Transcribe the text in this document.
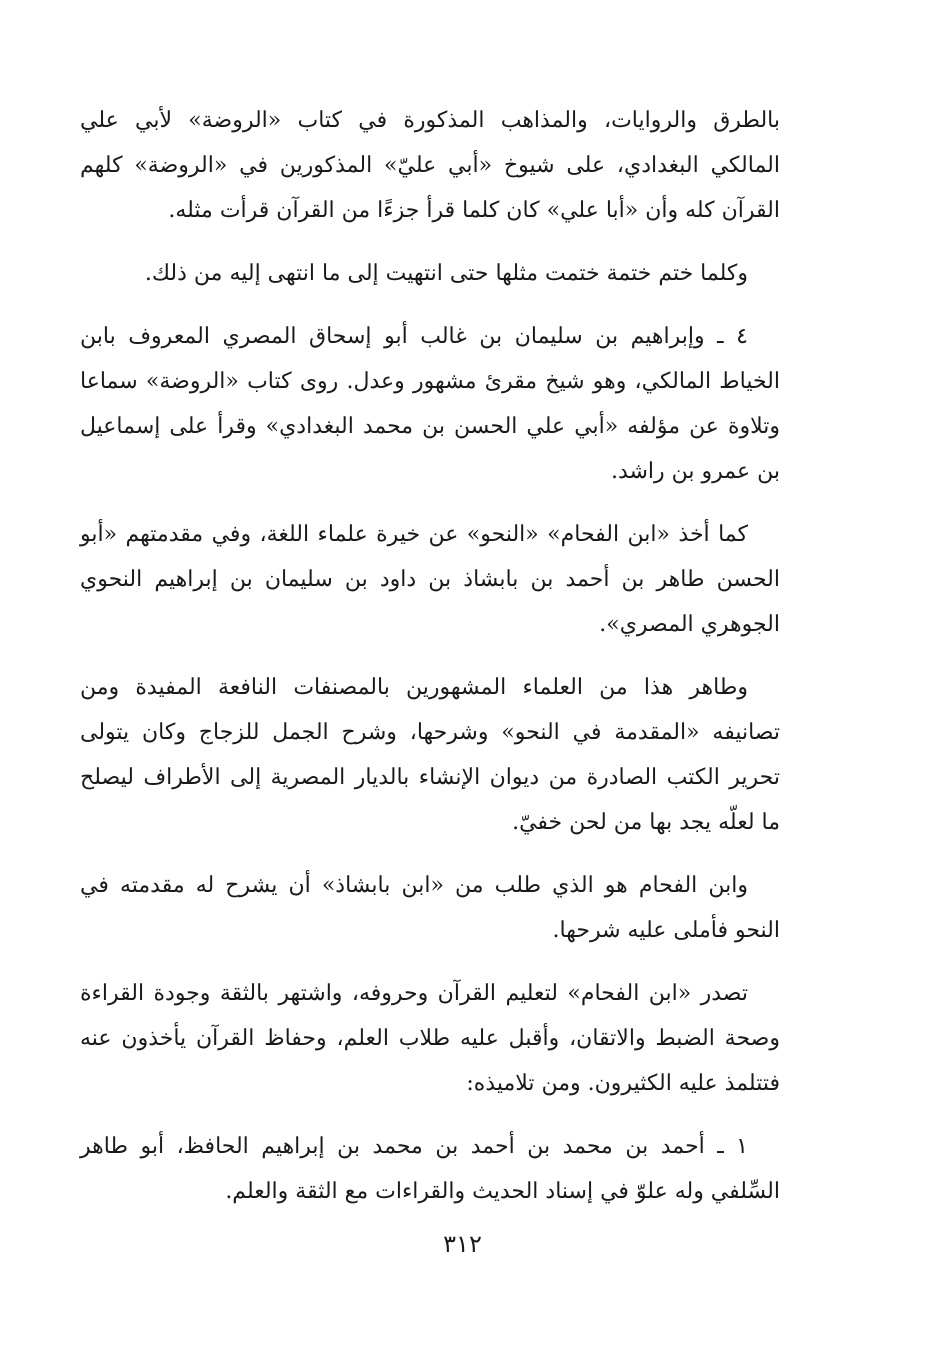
بالطرق والروايات، والمذاهب المذكورة في كتاب «الروضة» لأبي علي المالكي البغدادي، على شيوخ «أبي عليّ» المذكورين في «الروضة» كلهم القرآن كله وأن «أبا علي» كان كلما قرأ جزءًا من القرآن قرأت مثله.

وكلما ختم ختمة ختمت مثلها حتى انتهيت إلى ما انتهى إليه من ذلك.

٤ ـ وإبراهيم بن سليمان بن غالب أبو إسحاق المصري المعروف بابن الخياط المالكي، وهو شيخ مقرئ مشهور وعدل. روى كتاب «الروضة» سماعا وتلاوة عن مؤلفه «أبي علي الحسن بن محمد البغدادي» وقرأ على إسماعيل بن عمرو بن راشد.

كما أخذ «ابن الفحام» «النحو» عن خيرة علماء اللغة، وفي مقدمتهم «أبو الحسن طاهر بن أحمد بن بابشاذ بن داود بن سليمان بن إبراهيم النحوي الجوهري المصري».

وطاهر هذا من العلماء المشهورين بالمصنفات النافعة المفيدة ومن تصانيفه «المقدمة في النحو» وشرحها، وشرح الجمل للزجاج وكان يتولى تحرير الكتب الصادرة من ديوان الإنشاء بالديار المصرية إلى الأطراف ليصلح ما لعلّه يجد بها من لحن خفيّ.

وابن الفحام هو الذي طلب من «ابن بابشاذ» أن يشرح له مقدمته في النحو فأملى عليه شرحها.

تصدر «ابن الفحام» لتعليم القرآن وحروفه، واشتهر بالثقة وجودة القراءة وصحة الضبط والاتقان، وأقبل عليه طلاب العلم، وحفاظ القرآن يأخذون عنه فتتلمذ عليه الكثيرون. ومن تلاميذه:

١ ـ أحمد بن محمد بن أحمد بن محمد بن إبراهيم الحافظ، أبو طاهر السِّلفي وله علوّ في إسناد الحديث والقراءات مع الثقة والعلم.

٣١٢
